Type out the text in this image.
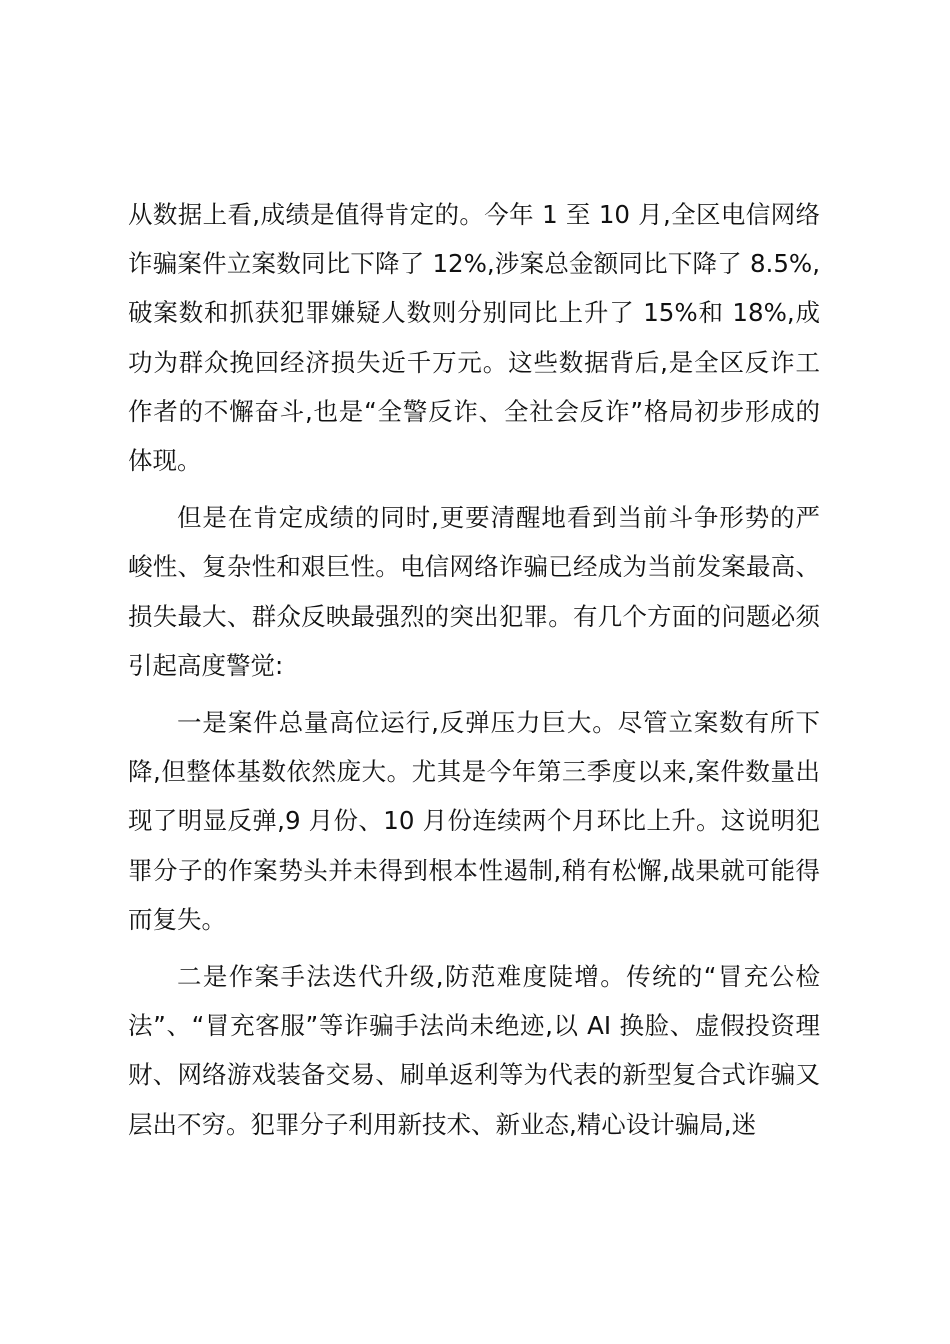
从数据上看,成绩是值得肯定的。今年 1 至 10 月,全区电信网络诈骗案件立案数同比下降了 12%,涉案总金额同比下降了 8.5%,破案数和抓获犯罪嫌疑人数则分别同比上升了 15%和 18%,成功为群众挽回经济损失近千万元。这些数据背后,是全区反诈工作者的不懈奋斗,也是“全警反诈、全社会反诈”格局初步形成的体现。

但是在肯定成绩的同时,更要清醒地看到当前斗争形势的严峻性、复杂性和艰巨性。电信网络诈骗已经成为当前发案最高、损失最大、群众反映最强烈的突出犯罪。有几个方面的问题必须引起高度警觉:

一是案件总量高位运行,反弹压力巨大。尽管立案数有所下降,但整体基数依然庞大。尤其是今年第三季度以来,案件数量出现了明显反弹,9 月份、10 月份连续两个月环比上升。这说明犯罪分子的作案势头并未得到根本性遏制,稍有松懈,战果就可能得而复失。

二是作案手法迭代升级,防范难度陡增。传统的“冒充公检法”、“冒充客服”等诈骗手法尚未绝迹,以 AI 换脸、虚假投资理财、网络游戏装备交易、刷单返利等为代表的新型复合式诈骗又层出不穷。犯罪分子利用新技术、新业态,精心设计骗局,迷
